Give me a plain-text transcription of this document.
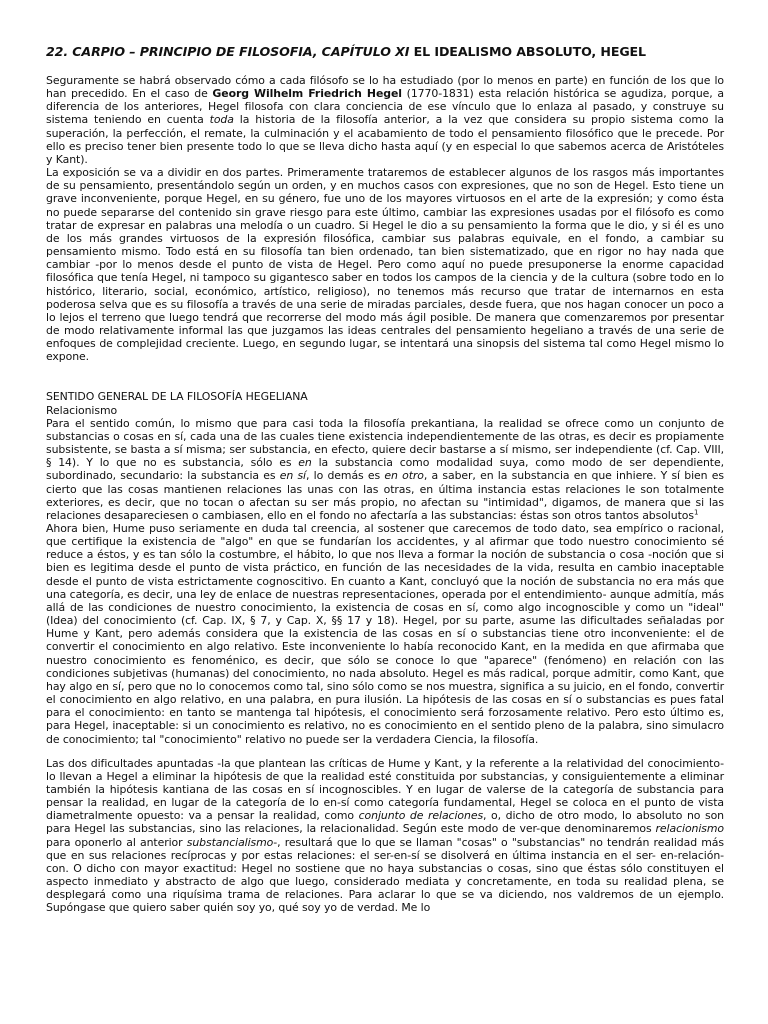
22. CARPIO – PRINCIPIO DE FILOSOFIA, CAPÍTULO XI EL IDEALISMO ABSOLUTO, HEGEL

Seguramente se habrá observado cómo a cada filósofo se lo ha estudiado (por lo menos en parte) en función de los que lo han precedido. En el caso de Georg Wilhelm Friedrich Hegel (1770-1831) esta relación histórica se agudiza, porque, a diferencia de los anteriores, Hegel filosofa con clara conciencia de ese vínculo que lo enlaza al pasado, y construye su sistema teniendo en cuenta toda la historia de la filosofía anterior, a la vez que considera su propio sistema como la superación, la perfección, el remate, la culminación y el acabamiento de todo el pensamiento filosófico que le precede. Por ello es preciso tener bien presente todo lo que se lleva dicho hasta aquí (y en especial lo que sabemos acerca de Aristóteles y Kant).

La exposición se va a dividir en dos partes. Primeramente trataremos de establecer algunos de los rasgos más importantes de su pensamiento, presentándolo según un orden, y en muchos casos con expresiones, que no son de Hegel. Esto tiene un grave inconveniente, porque Hegel, en su género, fue uno de los mayores virtuosos en el arte de la expresión; y como ésta no puede separarse del contenido sin grave riesgo para este último, cambiar las expresiones usadas por el filósofo es como tratar de expresar en palabras una melodía o un cuadro. Si Hegel le dio a su pensamiento la forma que le dio, y si él es uno de los más grandes virtuosos de la expresión filosófica, cambiar sus palabras equivale, en el fondo, a cambiar su pensamiento mismo. Todo está en su filosofía tan bien ordenado, tan bien sistematizado, que en rigor no hay nada que cambiar -por lo menos desde el punto de vista de Hegel. Pero como aquí no puede presuponerse la enorme capacidad filosófica que tenía Hegel, ni tampoco su gigantesco saber en todos los campos de la ciencia y de la cultura (sobre todo en lo histórico, literario, social, económico, artístico, religioso), no tenemos más recurso que tratar de internarnos en esta poderosa selva que es su filosofía a través de una serie de miradas parciales, desde fuera, que nos hagan conocer un poco a lo lejos el terreno que luego tendrá que recorrerse del modo más ágil posible. De manera que comenzaremos por presentar de modo relativamente informal las que juzgamos las ideas centrales del pensamiento hegeliano a través de una serie de enfoques de complejidad creciente. Luego, en segundo lugar, se intentará una sinopsis del sistema tal como Hegel mismo lo expone.

SENTIDO GENERAL DE LA FILOSOFÍA HEGELIANA

Relacionismo

Para el sentido común, lo mismo que para casi toda la filosofía prekantiana, la realidad se ofrece como un conjunto de substancias o cosas en sí, cada una de las cuales tiene existencia independientemente de las otras, es decir es propiamente subsistente, se basta a sí misma; ser substancia, en efecto, quiere decir bastarse a sí mismo, ser independiente (cf. Cap. VIII, § 14). Y lo que no es substancia, sólo es en la substancia como modalidad suya, como modo de ser dependiente, subordinado, secundario: la substancia es en sí, lo demás es en otro, a saber, en la substancia en que inhiere. Y sí bien es cierto que las cosas mantienen relaciones las unas con las otras, en última instancia estas relaciones le son totalmente exteriores, es decir, que no tocan o afectan su ser más propio, no afectan su "intimidad", digamos, de manera que si las relaciones desapareciesen o cambiasen, ello en el fondo no afectaría a las substancias: éstas son otros tantos absolutos$^1$

Ahora bien, Hume puso seriamente en duda tal creencia, al sostener que carecemos de todo dato, sea empírico o racional, que certifique la existencia de "algo" en que se fundarían los accidentes, y al afirmar que todo nuestro conocimiento sé reduce a éstos, y es tan sólo la costumbre, el hábito, lo que nos lleva a formar la noción de substancia o cosa -noción que si bien es legitima desde el punto de vista práctico, en función de las necesidades de la vida, resulta en cambio inaceptable desde el punto de vista estrictamente cognoscitivo. En cuanto a Kant, concluyó que la noción de substancia no era más que una categoría, es decir, una ley de enlace de nuestras representaciones, operada por el entendimiento- aunque admitía, más allá de las condiciones de nuestro conocimiento, la existencia de cosas en sí, como algo incognoscible y como un "ideal" (Idea) del conocimiento (cf. Cap. IX, § 7, y Cap. X, §§ 17 y 18). Hegel, por su parte, asume las dificultades señaladas por Hume y Kant, pero además considera que la existencia de las cosas en sí o substancias tiene otro inconveniente: el de convertir el conocimiento en algo relativo. Este inconveniente lo había reconocido Kant, en la medida en que afirmaba que nuestro conocimiento es fenoménico, es decir, que sólo se conoce lo que "aparece" (fenómeno) en relación con las condiciones subjetivas (humanas) del conocimiento, no nada absoluto. Hegel es más radical, porque admitir, como Kant, que hay algo en sí, pero que no lo conocemos como tal, sino sólo como se nos muestra, significa a su juicio, en el fondo, convertir el conocimiento en algo relativo, en una palabra, en pura ilusión. La hipótesis de las cosas en sí o substancias es pues fatal para el conocimiento: en tanto se mantenga tal hipótesis, el conocimiento será forzosamente relativo. Pero esto último es, para Hegel, inaceptable: si un conocimiento es relativo, no es conocimiento en el sentido pleno de la palabra, sino simulacro de conocimiento; tal "conocimiento" relativo no puede ser la verdadera Ciencia, la filosofía.

Las dos dificultades apuntadas -la que plantean las críticas de Hume y Kant, y la referente a la relatividad del conocimiento- lo llevan a Hegel a eliminar la hipótesis de que la realidad esté constituida por substancias, y consiguientemente a eliminar también la hipótesis kantiana de las cosas en sí incognoscibles. Y en lugar de valerse de la categoría de substancia para pensar la realidad, en lugar de la categoría de lo en-sí como categoría fundamental, Hegel se coloca en el punto de vista diametralmente opuesto: va a pensar la realidad, como conjunto de relaciones, o, dicho de otro modo, lo absoluto no son para Hegel las substancias, sino las relaciones, la relacionalidad. Según este modo de ver-que denominaremos relacionismo para oponerlo al anterior substancialismo-, resultará que lo que se llaman "cosas" o "substancias" no tendrán realidad más que en sus relaciones recíprocas y por estas relaciones: el ser-en-sí se disolverá en última instancia en el ser- en-relación-con. O dicho con mayor exactitud: Hegel no sostiene que no haya substancias o cosas, sino que éstas sólo constituyen el aspecto inmediato y abstracto de algo que luego, considerado mediata y concretamente, en toda su realidad plena, se desplegará como una riquísima trama de relaciones. Para aclarar lo que se va diciendo, nos valdremos de un ejemplo. Supóngase que quiero saber quién soy yo, qué soy yo de verdad. Me lo
